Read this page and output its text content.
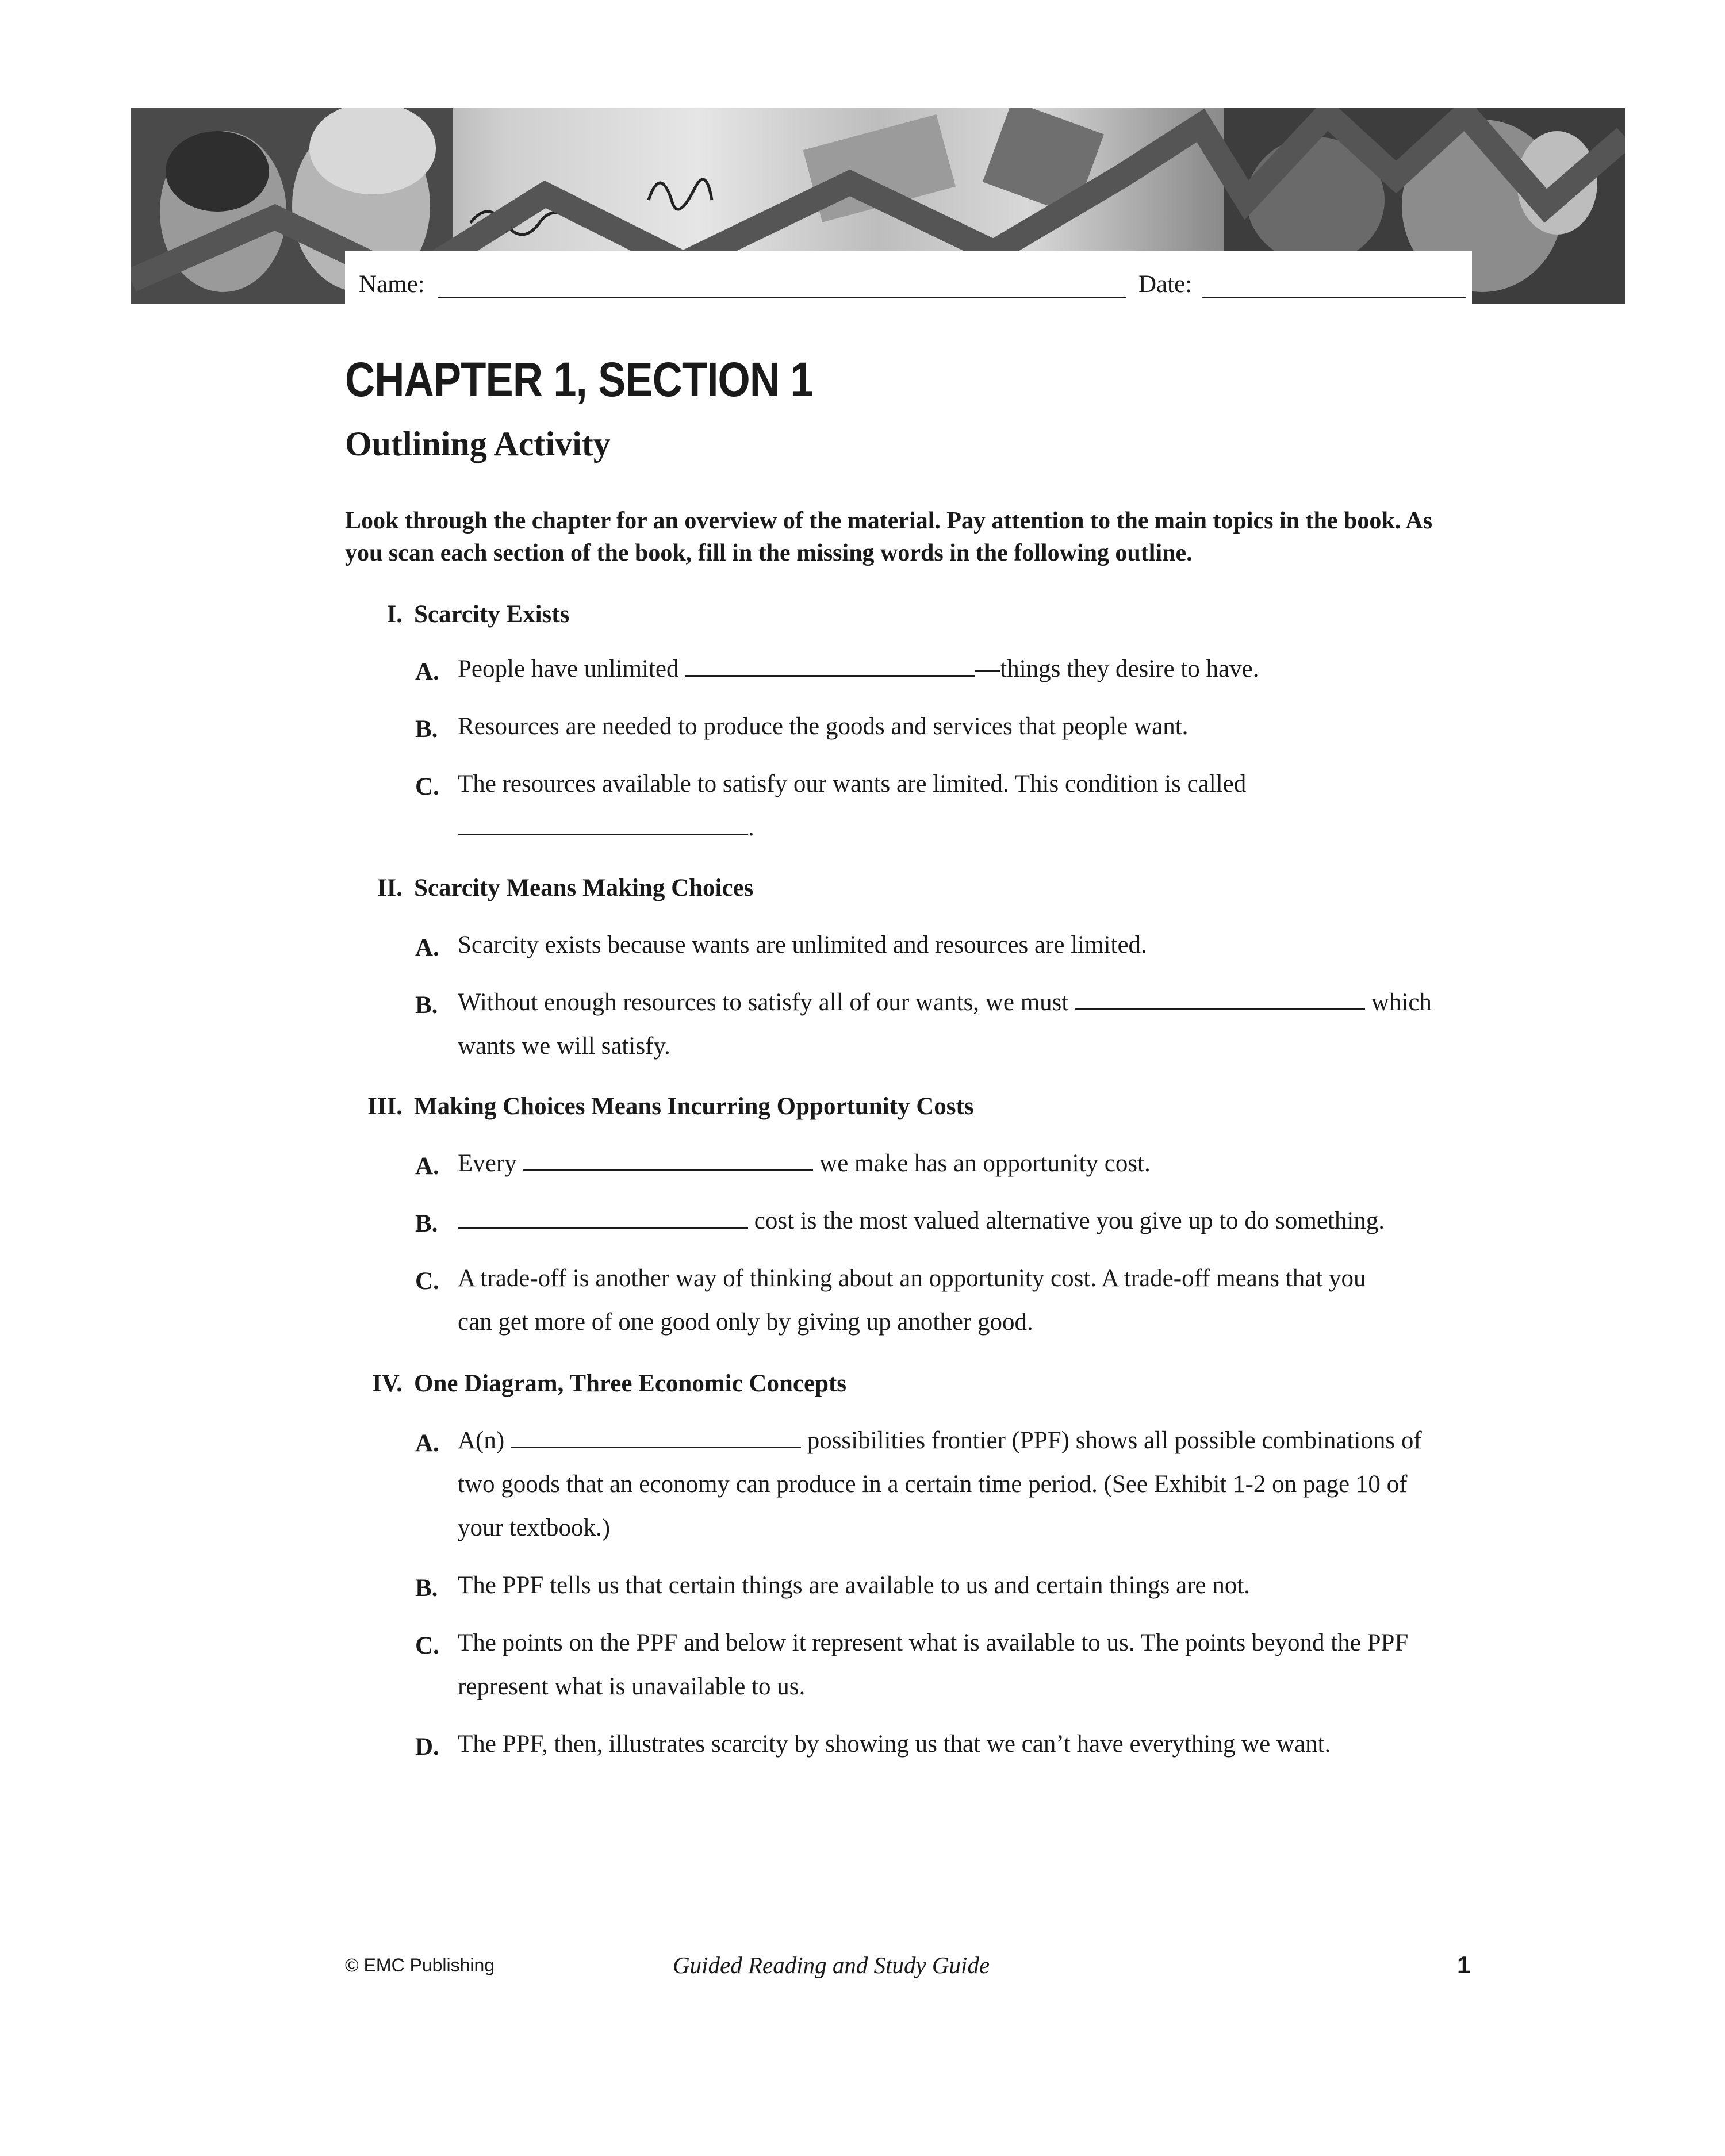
Name:	Date:
CHAPTER 1, SECTION 1
Outlining Activity

Look through the chapter for an overview of the material. Pay attention to the main topics in the book. As you scan each section of the book, fill in the missing words in the following outline.

I. Scarcity Exists
A. People have unlimited	—things they desire to have.
B. Resources are needed to produce the goods and services that people want.
C. The resources available to satisfy our wants are limited. This condition is called
.
II. Scarcity Means Making Choices
A. Scarcity exists because wants are unlimited and resources are limited.
B. Without enough resources to satisfy all of our wants, we must	which
wants we will satisfy.
III. Making Choices Means Incurring Opportunity Costs
A. Every	we make has an opportunity cost.
B.	cost is the most valued alternative you give up to do something.
C. A trade-off is another way of thinking about an opportunity cost. A trade-off means that you
can get more of one good only by giving up another good.
IV. One Diagram, Three Economic Concepts
A. A(n)	possibilities frontier (PPF) shows all possible combinations of
two goods that an economy can produce in a certain time period. (See Exhibit 1-2 on page 10 of
your textbook.)
B. The PPF tells us that certain things are available to us and certain things are not.
C. The points on the PPF and below it represent what is available to us. The points beyond the PPF
represent what is unavailable to us.
D. The PPF, then, illustrates scarcity by showing us that we can’t have everything we want.
© EMC Publishing	Guided Reading and Study Guide	1
